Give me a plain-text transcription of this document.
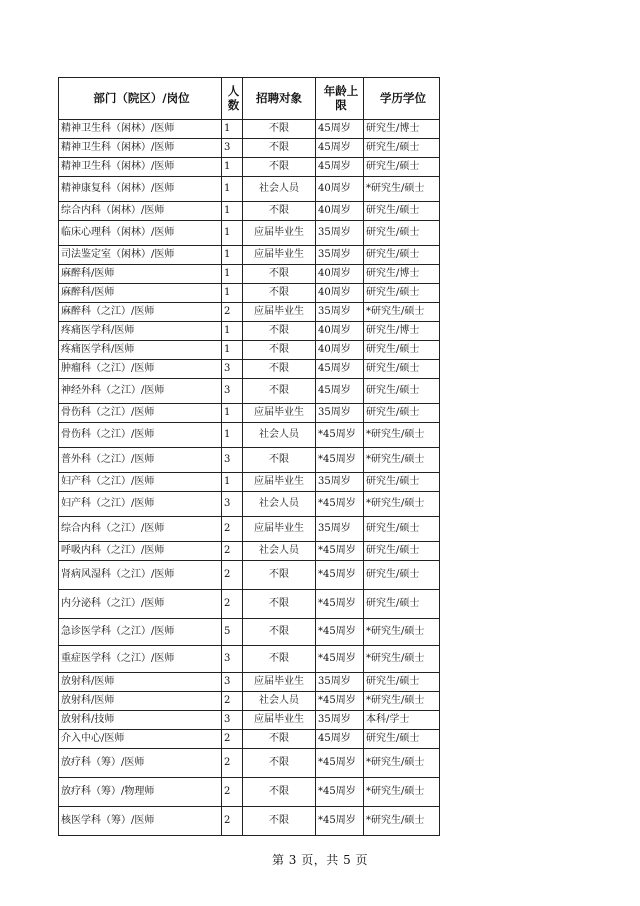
部门（院区）/岗位	人数	招聘对象	年龄上限	学历学位
精神卫生科（闲林）/医师	1	不限	45周岁	研究生/博士
精神卫生科（闲林）/医师	3	不限	45周岁	研究生/硕士
精神卫生科（闲林）/医师	1	不限	45周岁	研究生/硕士
精神康复科（闲林）/医师	1	社会人员	40周岁	*研究生/硕士
综合内科（闲林）/医师	1	不限	40周岁	研究生/硕士
临床心理科（闲林）/医师	1	应届毕业生	35周岁	研究生/硕士
司法鉴定室（闲林）/医师	1	应届毕业生	35周岁	研究生/硕士
麻醉科/医师	1	不限	40周岁	研究生/博士
麻醉科/医师	1	不限	40周岁	研究生/硕士
麻醉科（之江）/医师	2	应届毕业生	35周岁	*研究生/硕士
疼痛医学科/医师	1	不限	40周岁	研究生/博士
疼痛医学科/医师	1	不限	40周岁	研究生/硕士
肿瘤科（之江）/医师	3	不限	45周岁	研究生/硕士
神经外科（之江）/医师	3	不限	45周岁	研究生/硕士
骨伤科（之江）/医师	1	应届毕业生	35周岁	研究生/硕士
骨伤科（之江）/医师	1	社会人员	*45周岁	*研究生/硕士
普外科（之江）/医师	3	不限	*45周岁	*研究生/硕士
妇产科（之江）/医师	1	应届毕业生	35周岁	研究生/硕士
妇产科（之江）/医师	3	社会人员	*45周岁	*研究生/硕士
综合内科（之江）/医师	2	应届毕业生	35周岁	研究生/硕士
呼吸内科（之江）/医师	2	社会人员	*45周岁	研究生/硕士
肾病风湿科（之江）/医师	2	不限	*45周岁	研究生/硕士
内分泌科（之江）/医师	2	不限	*45周岁	研究生/硕士
急诊医学科（之江）/医师	5	不限	*45周岁	*研究生/硕士
重症医学科（之江）/医师	3	不限	*45周岁	*研究生/硕士
放射科/医师	3	应届毕业生	35周岁	研究生/硕士
放射科/医师	2	社会人员	*45周岁	*研究生/硕士
放射科/技师	3	应届毕业生	35周岁	本科/学士
介入中心/医师	2	不限	45周岁	研究生/硕士
放疗科（筹）/医师	2	不限	*45周岁	*研究生/硕士
放疗科（筹）/物理师	2	不限	*45周岁	*研究生/硕士
核医学科（筹）/医师	2	不限	*45周岁	*研究生/硕士
第 3 页，共 5 页
